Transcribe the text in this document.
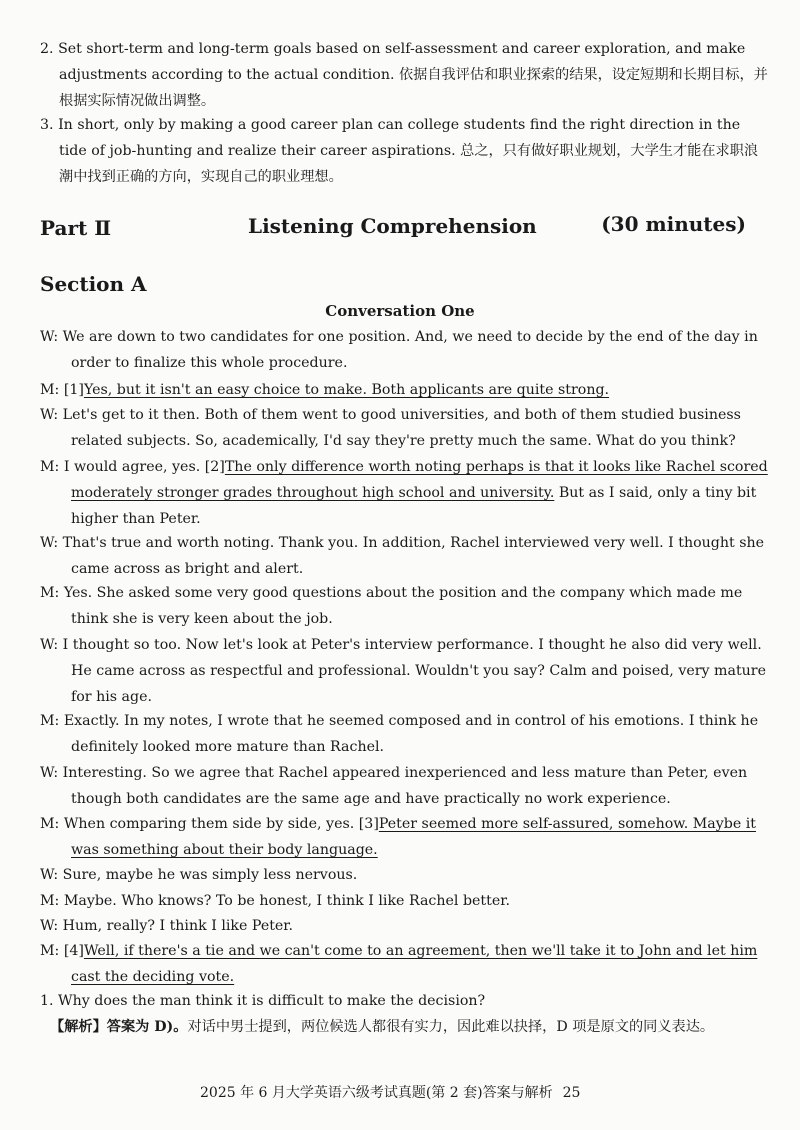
2. Set short-term and long-term goals based on self-assessment and career exploration, and make adjustments according to the actual condition. 依据自我评估和职业探索的结果，设定短期和长期目标，并根据实际情况做出调整。
3. In short, only by making a good career plan can college students find the right direction in the tide of job-hunting and realize their career aspirations. 总之，只有做好职业规划，大学生才能在求职浪潮中找到正确的方向，实现自己的职业理想。
Part Ⅱ	Listening Comprehension	(30 minutes)
Section A
Conversation One
W: We are down to two candidates for one position. And, we need to decide by the end of the day in order to finalize this whole procedure.
M: [1]Yes, but it isn't an easy choice to make. Both applicants are quite strong.
W: Let's get to it then. Both of them went to good universities, and both of them studied business related subjects. So, academically, I'd say they're pretty much the same. What do you think?
M: I would agree, yes. [2]The only difference worth noting perhaps is that it looks like Rachel scored moderately stronger grades throughout high school and university. But as I said, only a tiny bit higher than Peter.
W: That's true and worth noting. Thank you. In addition, Rachel interviewed very well. I thought she came across as bright and alert.
M: Yes. She asked some very good questions about the position and the company which made me think she is very keen about the job.
W: I thought so too. Now let's look at Peter's interview performance. I thought he also did very well. He came across as respectful and professional. Wouldn't you say? Calm and poised, very mature for his age.
M: Exactly. In my notes, I wrote that he seemed composed and in control of his emotions. I think he definitely looked more mature than Rachel.
W: Interesting. So we agree that Rachel appeared inexperienced and less mature than Peter, even though both candidates are the same age and have practically no work experience.
M: When comparing them side by side, yes. [3]Peter seemed more self-assured, somehow. Maybe it was something about their body language.
W: Sure, maybe he was simply less nervous.
M: Maybe. Who knows? To be honest, I think I like Rachel better.
W: Hum, really? I think I like Peter.
M: [4]Well, if there's a tie and we can't come to an agreement, then we'll take it to John and let him cast the deciding vote.
1. Why does the man think it is difficult to make the decision?
【解析】答案为 D)。对话中男士提到，两位候选人都很有实力，因此难以抉择，D 项是原文的同义表达。
2025 年 6 月大学英语六级考试真题(第 2 套)答案与解析 25
